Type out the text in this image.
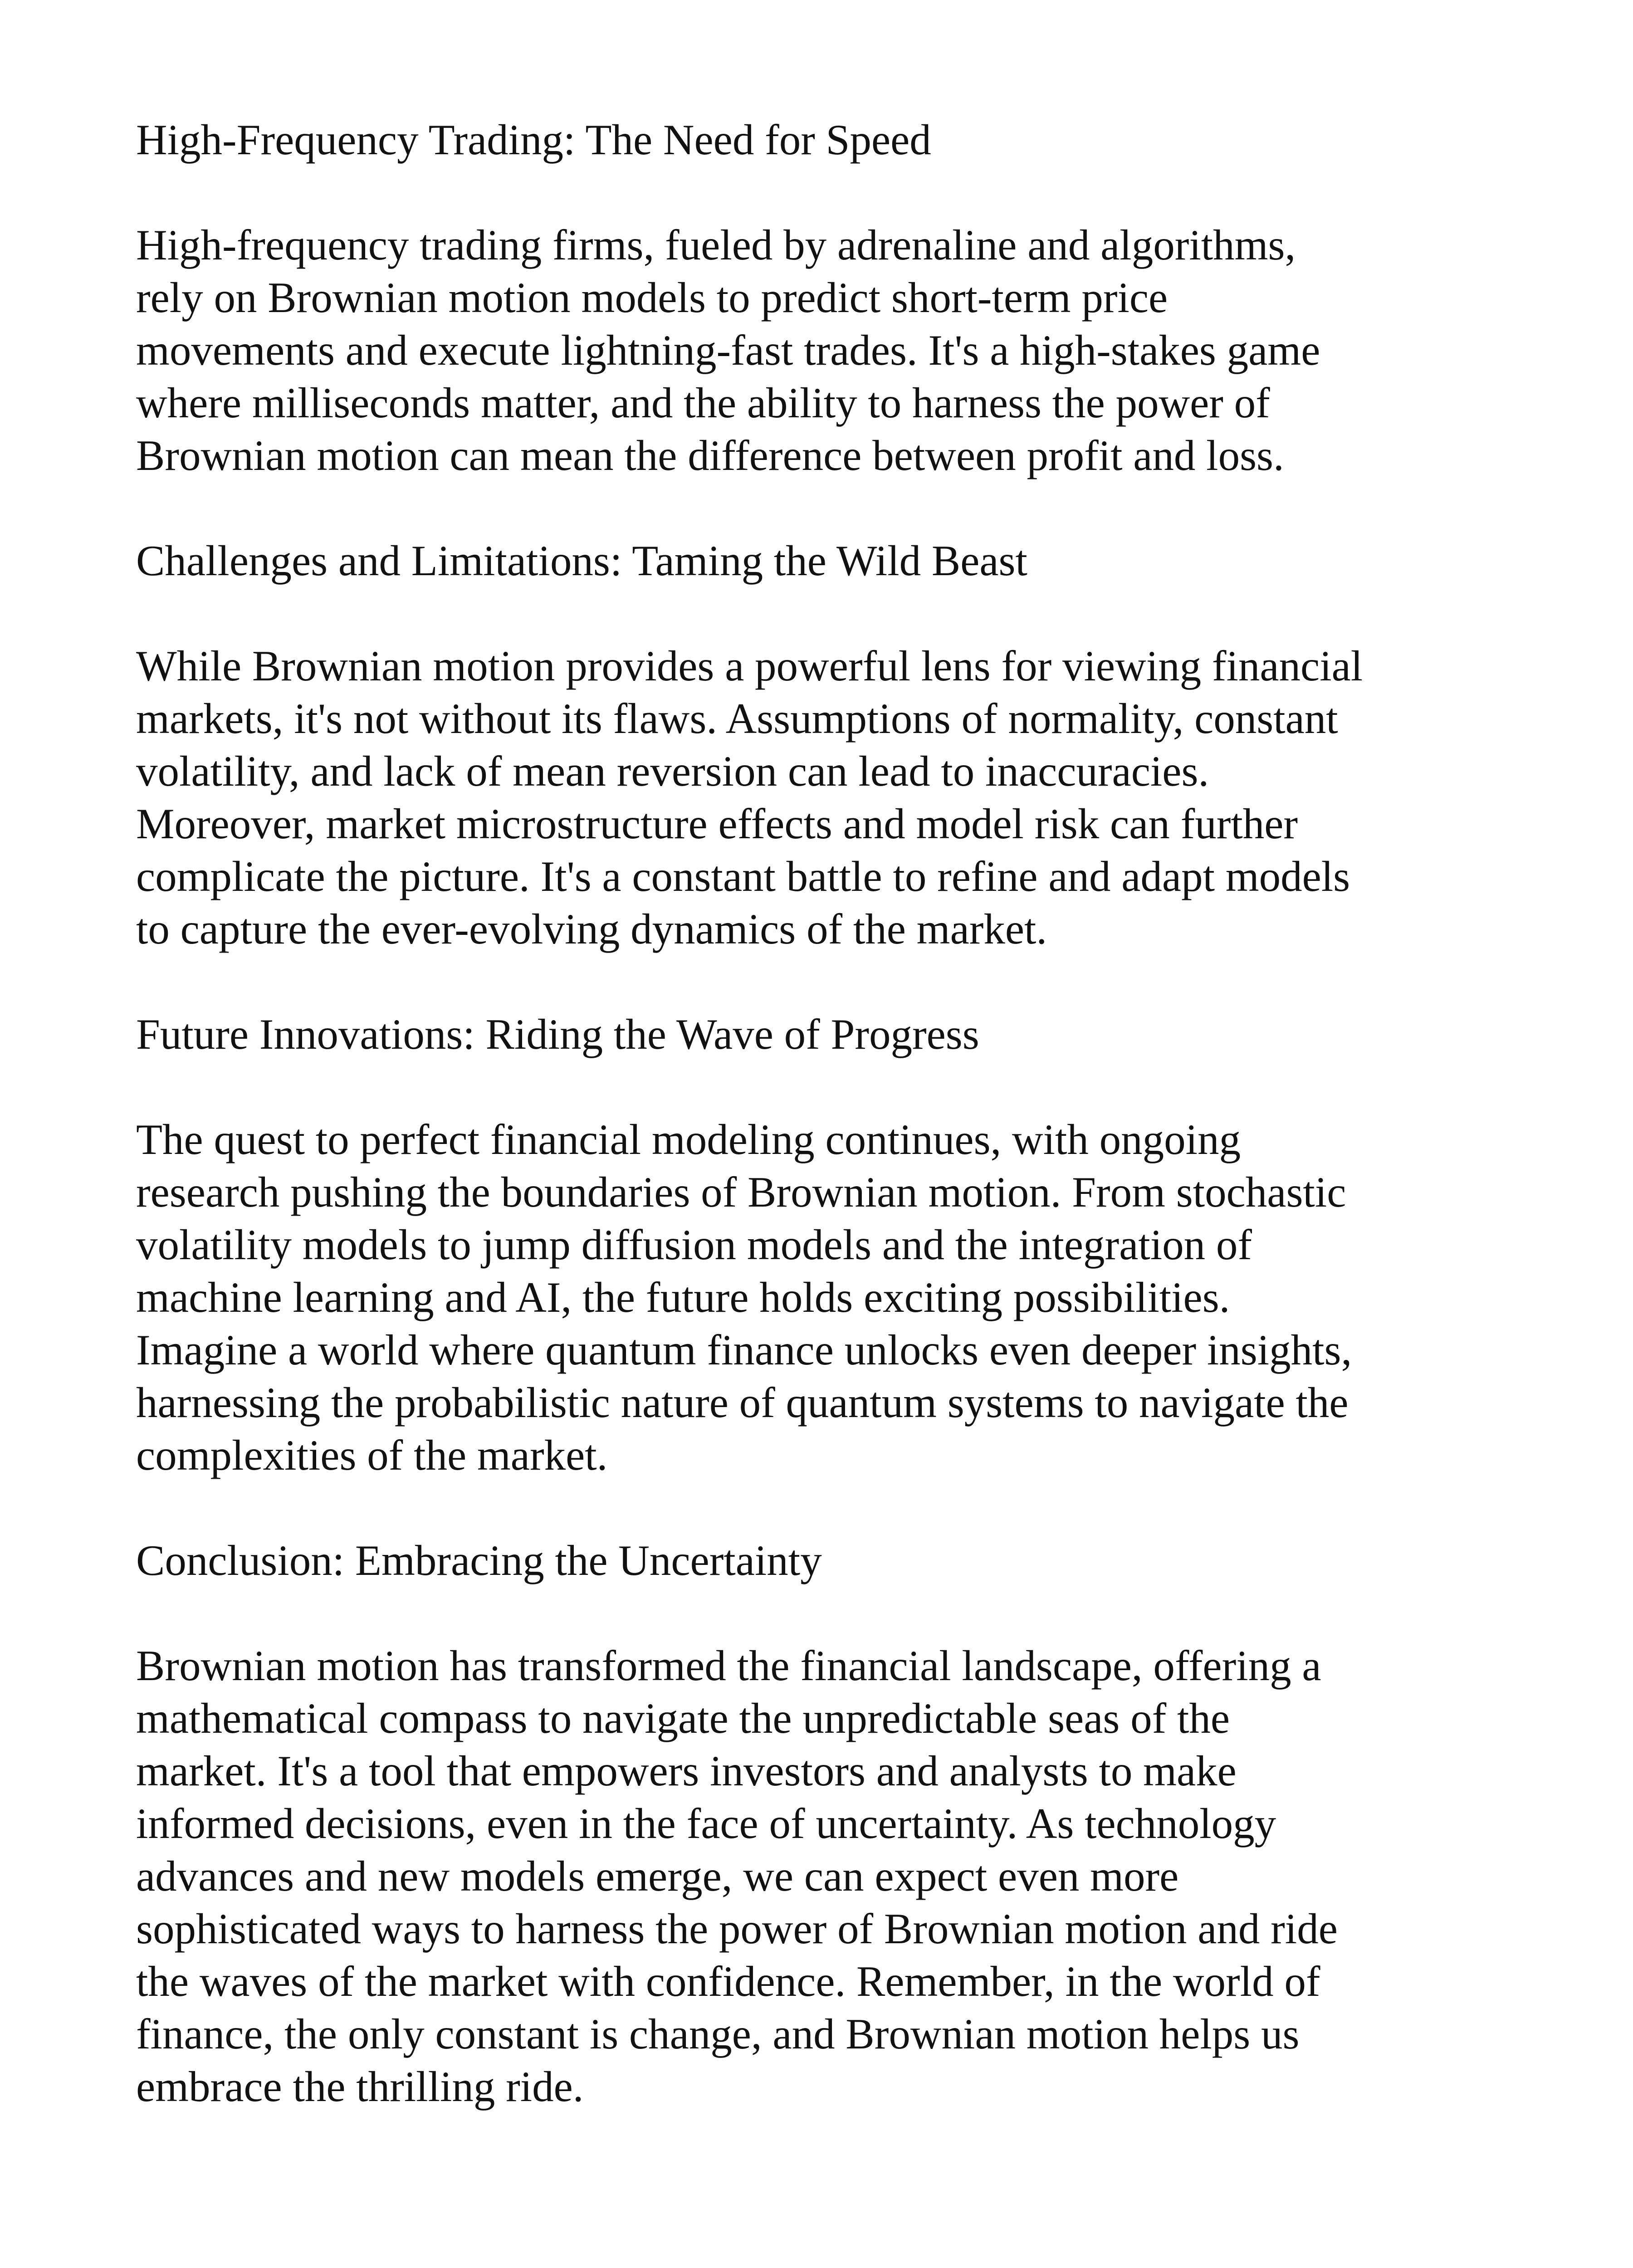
High-Frequency Trading: The Need for Speed

High-frequency trading firms, fueled by adrenaline and algorithms,
rely on Brownian motion models to predict short-term price
movements and execute lightning-fast trades. It's a high-stakes game
where milliseconds matter, and the ability to harness the power of
Brownian motion can mean the difference between profit and loss.

Challenges and Limitations: Taming the Wild Beast

While Brownian motion provides a powerful lens for viewing financial
markets, it's not without its flaws. Assumptions of normality, constant
volatility, and lack of mean reversion can lead to inaccuracies.
Moreover, market microstructure effects and model risk can further
complicate the picture. It's a constant battle to refine and adapt models
to capture the ever-evolving dynamics of the market.

Future Innovations: Riding the Wave of Progress

The quest to perfect financial modeling continues, with ongoing
research pushing the boundaries of Brownian motion. From stochastic
volatility models to jump diffusion models and the integration of
machine learning and AI, the future holds exciting possibilities.
Imagine a world where quantum finance unlocks even deeper insights,
harnessing the probabilistic nature of quantum systems to navigate the
complexities of the market.

Conclusion: Embracing the Uncertainty

Brownian motion has transformed the financial landscape, offering a
mathematical compass to navigate the unpredictable seas of the
market. It's a tool that empowers investors and analysts to make
informed decisions, even in the face of uncertainty. As technology
advances and new models emerge, we can expect even more
sophisticated ways to harness the power of Brownian motion and ride
the waves of the market with confidence. Remember, in the world of
finance, the only constant is change, and Brownian motion helps us
embrace the thrilling ride.
